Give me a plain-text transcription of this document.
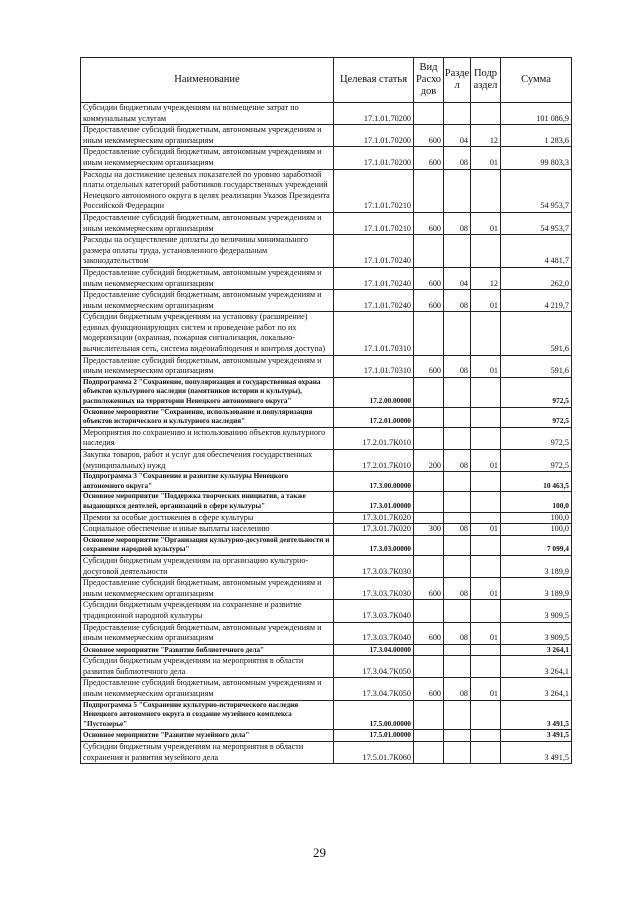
Наименование	Целевая статья	Вид Расхо дов	Разде л	Подр аздел	Сумма
Субсидии бюджетным учреждениям на возмещение затрат по коммунальным услугам	17.1.01.70200				101 086,9
Предоставление субсидий бюджетным, автономным учреждениям и иным некоммерческим организациям	17.1.01.70200	600	04	12	1 283,6
Предоставление субсидий бюджетным, автономным учреждениям и иным некоммерческим организациям	17.1.01.70200	600	08	01	99 803,3
Расходы на достижение целевых показателей по уровню заработной платы отдельных категорий работников государственных учреждений Ненецкого автономного округа в целях реализации Указов Президента Российской Федерации	17.1.01.70210				54 953,7
Предоставление субсидий бюджетным, автономным учреждениям и иным некоммерческим организациям	17.1.01.70210	600	08	01	54 953,7
Расходы на осуществление доплаты до величины минимального размера оплаты труда, установленного федеральным законодательством	17.1.01.70240				4 481,7
Предоставление субсидий бюджетным, автономным учреждениям и иным некоммерческим организациям	17.1.01.70240	600	04	12	262,0
Предоставление субсидий бюджетным, автономным учреждениям и иным некоммерческим организациям	17.1.01.70240	600	08	01	4 219,7
Субсидии бюджетным учреждениям на установку (расширение) единых функционирующих систем и проведение работ по их модернизации (охранная, пожарная сигнализация, локально-вычислительная сеть, система видеонаблюдения и контроля доступа)	17.1.01.70310				591,6
Предоставление субсидий бюджетным, автономным учреждениям и иным некоммерческим организациям	17.1.01.70310	600	08	01	591,6
Подпрограмма 2 "Сохранение, популяризация и государственная охрана объектов культурного наследия (памятников истории и культуры), расположенных на территории Ненецкого автономного округа"	17.2.00.00000				972,5
Основное мероприятие "Сохранение, использование и популяризация объектов исторического и культурного наследия"	17.2.01.00000				972,5
Мероприятия по сохранению и использованию объектов культурного наследия	17.2.01.7К010				972,5
Закупка товаров, работ и услуг для обеспечения государственных (муниципальных) нужд	17.2.01.7К010	200	08	01	972,5
Подпрограмма 3 "Сохранение и развитие культуры Ненецкого автономного округа"	17.3.00.00000				10 463,5
Основное мероприятие "Поддержка творческих инициатив, а также выдающихся деятелей, организаций в сфере культуры"	17.3.01.00000				100,0
Премии за особые достижения в сфере культуры	17.3.01.7К020				100,0
Социальное обеспечение и иные выплаты населению	17.3.01.7К020	300	08	01	100,0
Основное мероприятие "Организация культурно-досуговой деятельности и сохранение народной культуры"	17.3.03.00000				7 099,4
Субсидии бюджетным учреждениям на организацию культурно-досуговой деятельности	17.3.03.7К030				3 189,9
Предоставление субсидий бюджетным, автономным учреждениям и иным некоммерческим организациям	17.3.03.7К030	600	08	01	3 189,9
Субсидии бюджетным учреждениям на сохранение и развитие традиционной народной культуры	17.3.03.7К040				3 909,5
Предоставление субсидий бюджетным, автономным учреждениям и иным некоммерческим организациям	17.3.03.7К040	600	08	01	3 909,5
Основное мероприятие "Развитие библиотечного дела"	17.3.04.00000				3 264,1
Субсидии бюджетным учреждениям на мероприятия в области развития библиотечного дела	17.3.04.7К050				3 264,1
Предоставление субсидий бюджетным, автономным учреждениям и иным некоммерческим организациям	17.3.04.7К050	600	08	01	3 264,1
Подпрограмма 5 "Сохранение культурно-исторического наследия Ненецкого автономного округа и создание музейного комплекса "Пустозерье"	17.5.00.00000				3 491,5
Основное мероприятие "Развитие музейного дела"	17.5.01.00000				3 491,5
Субсидии бюджетным учреждениям на мероприятия в области сохранения и развития музейного дела	17.5.01.7К060				3 491,5
29
